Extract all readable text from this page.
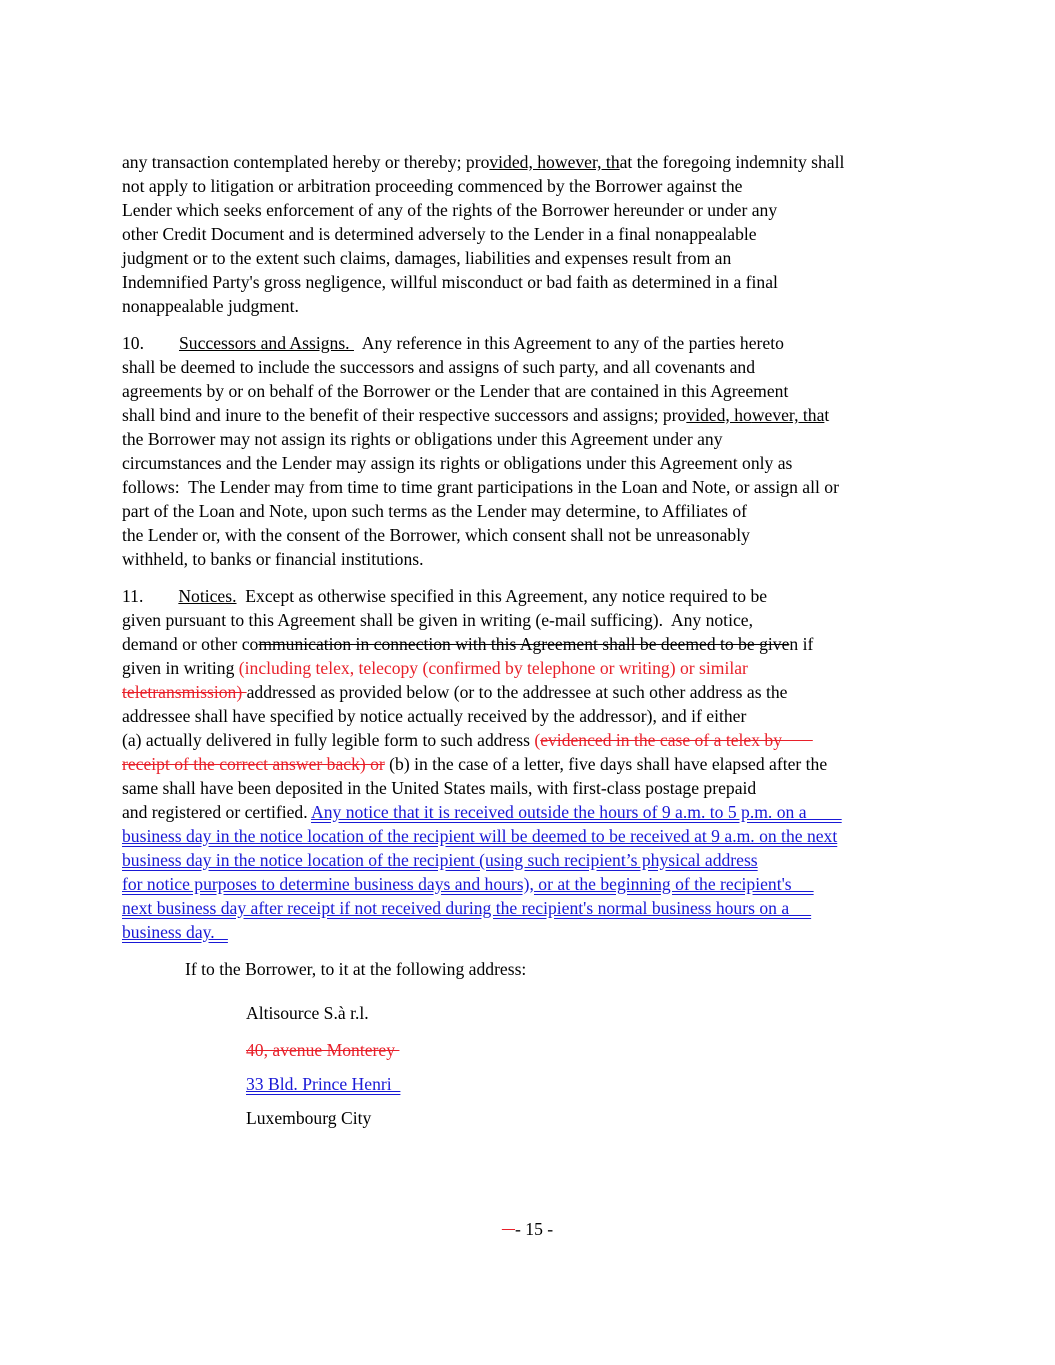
any transaction contemplated hereby or thereby; provided, however, that the foregoing indemnity shall
not apply to litigation or arbitration proceeding commenced by the Borrower against the
Lender which seeks enforcement of any of the rights of the Borrower hereunder or under any
other Credit Document and is determined adversely to the Lender in a final nonappealable
judgment or to the extent such claims, damages, liabilities and expenses result from an
Indemnified Party's gross negligence, willful misconduct or bad faith as determined in a final
nonappealable judgment.
10. Successors and Assigns.   Any reference in this Agreement to any of the parties hereto
shall be deemed to include the successors and assigns of such party, and all covenants and
agreements by or on behalf of the Borrower or the Lender that are contained in this Agreement
shall bind and inure to the benefit of their respective successors and assigns; provided, however, that
the Borrower may not assign its rights or obligations under this Agreement under any
circumstances and the Lender may assign its rights or obligations under this Agreement only as
follows:  The Lender may from time to time grant participations in the Loan and Note, or assign all or
part of the Loan and Note, upon such terms as the Lender may determine, to Affiliates of
the Lender or, with the consent of the Borrower, which consent shall not be unreasonably
withheld, to banks or financial institutions.
11. Notices.  Except as otherwise specified in this Agreement, any notice required to be
given pursuant to this Agreement shall be given in writing (e-mail sufficing).  Any notice,
demand or other communication in connection with this Agreement shall be deemed to be given if
given in writing (including telex, telecopy (confirmed by telephone or writing) or similar
teletransmission) addressed as provided below (or to the addressee at such other address as the
addressee shall have specified by notice actually received by the addressor), and if either
(a) actually delivered in fully legible form to such address (evidenced in the case of a telex by
receipt of the correct answer back) or (b) in the case of a letter, five days shall have elapsed after the
same shall have been deposited in the United States mails, with first-class postage prepaid
and registered or certified. Any notice that it is received outside the hours of 9 a.m. to 5 p.m. on a
business day in the notice location of the recipient will be deemed to be received at 9 a.m. on the next
business day in the notice location of the recipient (using such recipient’s physical address
for notice purposes to determine business days and hours), or at the beginning of the recipient's
next business day after receipt if not received during the recipient's normal business hours on a
business day.
If to the Borrower, to it at the following address:
Altisource S.à r.l.
40, avenue Monterey
33 Bld. Prince Henri
Luxembourg City
- 15 -
